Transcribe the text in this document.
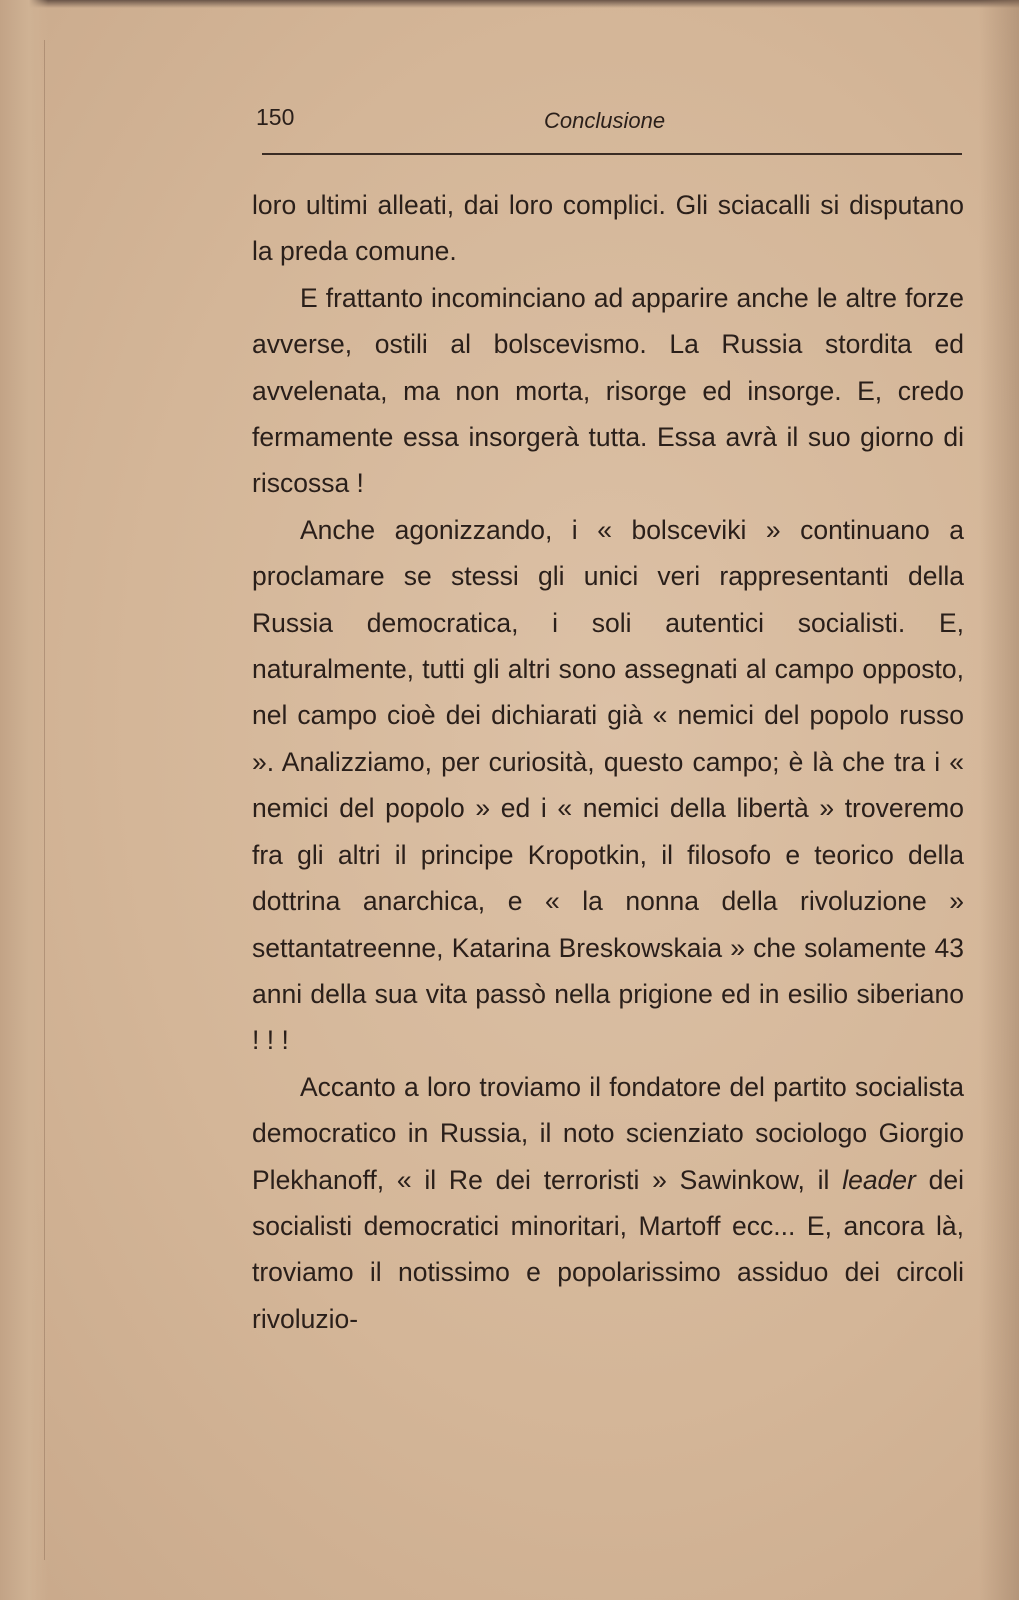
150	Conclusione

loro ultimi alleati, dai loro complici. Gli sciacalli si disputano la preda comune.

E frattanto incominciano ad apparire anche le altre forze avverse, ostili al bolscevismo. La Russia stordita ed avvelenata, ma non morta, risorge ed insorge. E, credo fermamente essa insorgerà tutta. Essa avrà il suo giorno di riscossa !

Anche agonizzando, i « bolsceviki » continuano a proclamare se stessi gli unici veri rappresentanti della Russia democratica, i soli autentici socialisti. E, naturalmente, tutti gli altri sono assegnati al campo opposto, nel campo cioè dei dichiarati già « nemici del popolo russo ». Analizziamo, per curiosità, questo campo; è là che tra i « nemici del popolo » ed i « nemici della libertà » troveremo fra gli altri il principe Kropotkin, il filosofo e teorico della dottrina anarchica, e « la nonna della rivoluzione » settantatreenne, Katarina Breskowskaia » che solamente 43 anni della sua vita passò nella prigione ed in esilio siberiano ! ! !

Accanto a loro troviamo il fondatore del partito socialista democratico in Russia, il noto scienziato sociologo Giorgio Plekhanoff, « il Re dei terroristi » Sawinkow, il leader dei socialisti democratici minoritari, Martoff ecc... E, ancora là, troviamo il notissimo e popolarissimo assiduo dei circoli rivoluzio-
